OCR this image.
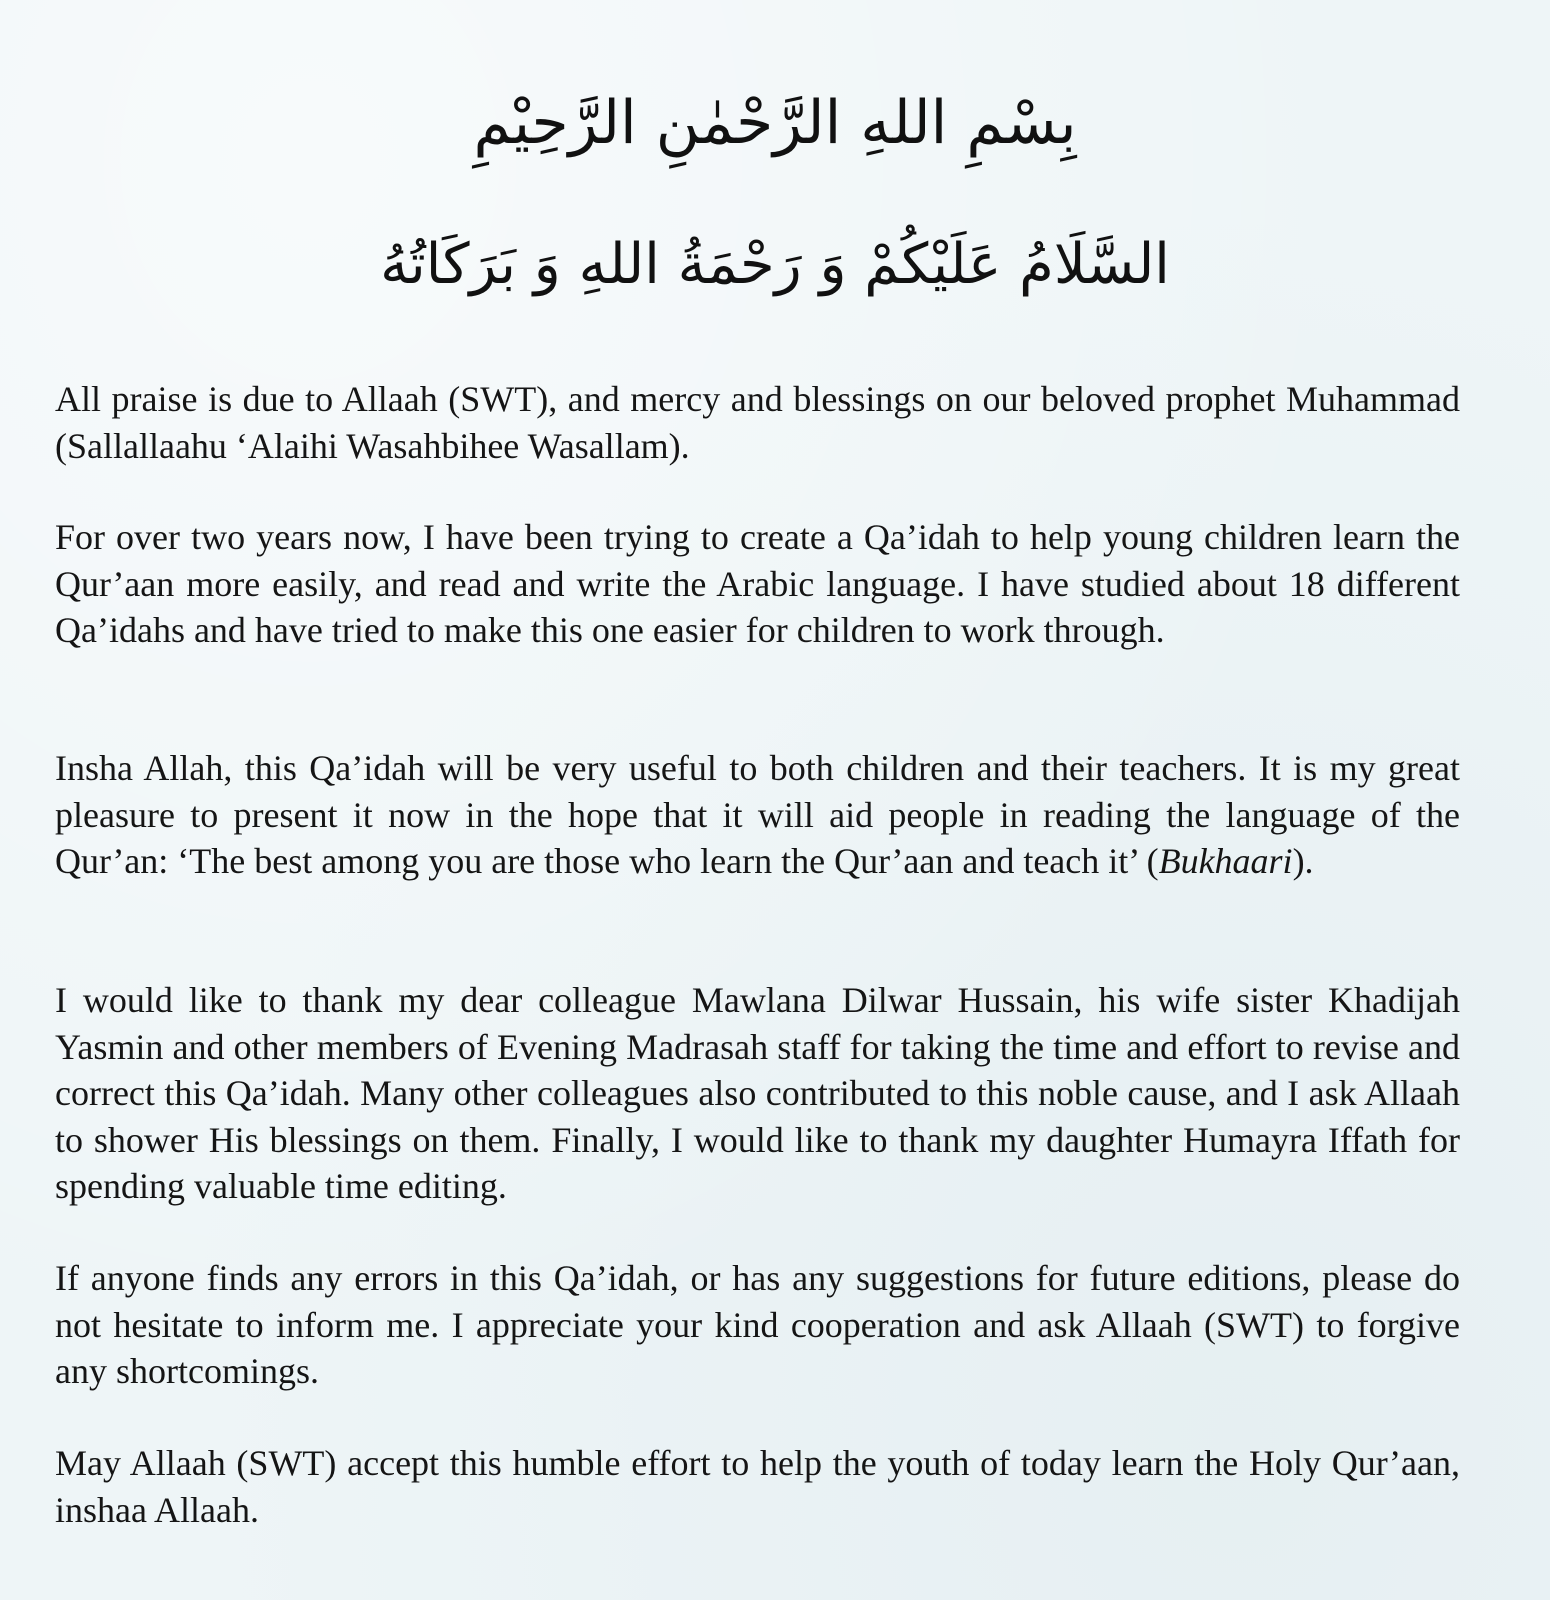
بِسْمِ اللهِ الرَّحْمٰنِ الرَّحِيْمِ
السَّلَامُ عَلَيْكُمْ وَ رَحْمَةُ اللهِ وَ بَرَكَاتُهُ

All praise is due to Allaah (SWT), and mercy and blessings on our beloved prophet Muhammad (Sallallaahu ‘Alaihi Wasahbihee Wasallam).

For over two years now, I have been trying to create a Qa’idah to help young children learn the Qur’aan more easily, and read and write the Arabic language. I have studied about 18 different Qa’idahs and have tried to make this one easier for children to work through.

Insha Allah, this Qa’idah will be very useful to both children and their teachers. It is my great pleasure to present it now in the hope that it will aid people in reading the language of the Qur’an: ‘The best among you are those who learn the Qur’aan and teach it’ (Bukhaari).

I would like to thank my dear colleague Mawlana Dilwar Hussain, his wife sister Khadijah Yasmin and other members of Evening Madrasah staff for taking the time and effort to revise and correct this Qa’idah. Many other colleagues also contributed to this noble cause, and I ask Allaah to shower His blessings on them. Finally, I would like to thank my daughter Humayra Iffath for spending valuable time editing.

If anyone finds any errors in this Qa’idah, or has any suggestions for future editions, please do not hesitate to inform me. I appreciate your kind cooperation and ask Allaah (SWT) to forgive any shortcomings.

May Allaah (SWT) accept this humble effort to help the youth of today learn the Holy Qur’aan, inshaa Allaah.
